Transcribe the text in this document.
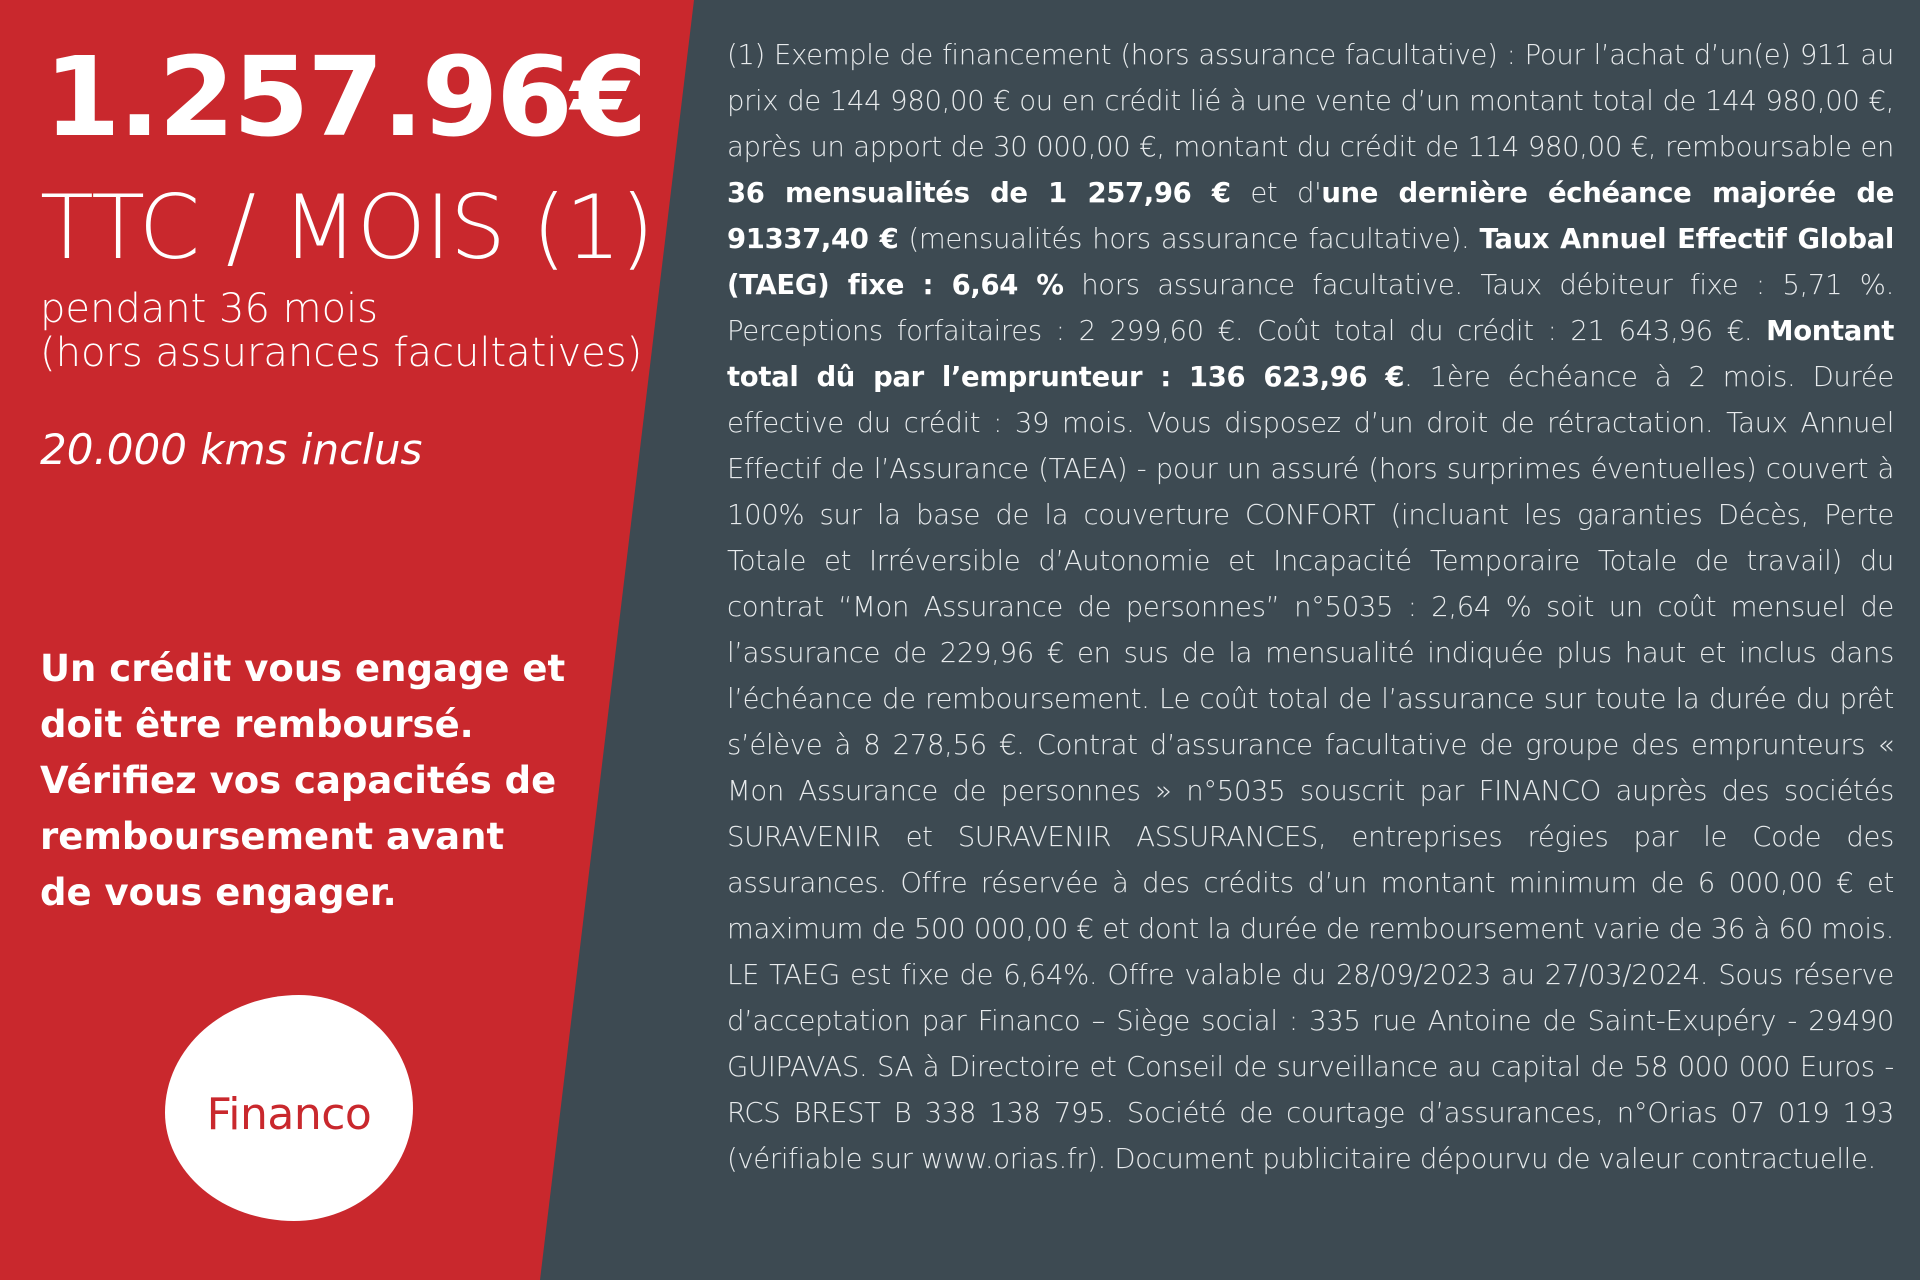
1.257.96€
TTC / MOIS (1)
pendant 36 mois
(hors assurances facultatives)
20.000 kms inclus
Un crédit vous engage et
doit être remboursé.
Vérifiez vos capacités de
remboursement avant
de vous engager.
Financo

(1) Exemple de financement (hors assurance facultative) : Pour l’achat d’un(e) 911 au prix de 144 980,00 € ou en crédit lié à une vente d’un montant total de 144 980,00 €, après un apport de 30 000,00 €, montant du crédit de 114 980,00 €, remboursable en 36 mensualités de 1 257,96 € et d'une dernière échéance majorée de 91337,40 € (mensualités hors assurance facultative). Taux Annuel Effectif Global (TAEG) fixe : 6,64 % hors assurance facultative. Taux débiteur fixe : 5,71 %. Perceptions forfaitaires : 2 299,60 €. Coût total du crédit : 21 643,96 €. Montant total dû par l’emprunteur : 136 623,96 €. 1ère échéance à 2 mois. Durée effective du crédit : 39 mois. Vous disposez d’un droit de rétractation. Taux Annuel Effectif de l’Assurance (TAEA) - pour un assuré (hors surprimes éventuelles) couvert à 100% sur la base de la couverture CONFORT (incluant les garanties Décès, Perte Totale et Irréversible d’Autonomie et Incapacité Temporaire Totale de travail) du contrat “Mon Assurance de personnes” n°5035 : 2,64 % soit un coût mensuel de l’assurance de 229,96 € en sus de la mensualité indiquée plus haut et inclus dans l’échéance de remboursement. Le coût total de l’assurance sur toute la durée du prêt s’élève à 8 278,56 €. Contrat d’assurance facultative de groupe des emprunteurs « Mon Assurance de personnes » n°5035 souscrit par FINANCO auprès des sociétés SURAVENIR et SURAVENIR ASSURANCES, entreprises régies par le Code des assurances. Offre réservée à des crédits d’un montant minimum de 6 000,00 € et maximum de 500 000,00 € et dont la durée de remboursement varie de 36 à 60 mois. LE TAEG est fixe de 6,64%. Offre valable du 28/09/2023 au 27/03/2024. Sous réserve d’acceptation par Financo – Siège social : 335 rue Antoine de Saint-Exupéry - 29490 GUIPAVAS. SA à Directoire et Conseil de surveillance au capital de 58 000 000 Euros - RCS BREST B 338 138 795. Société de courtage d’assurances, n°Orias 07 019 193 (vérifiable sur www.orias.fr). Document publicitaire dépourvu de valeur contractuelle.
